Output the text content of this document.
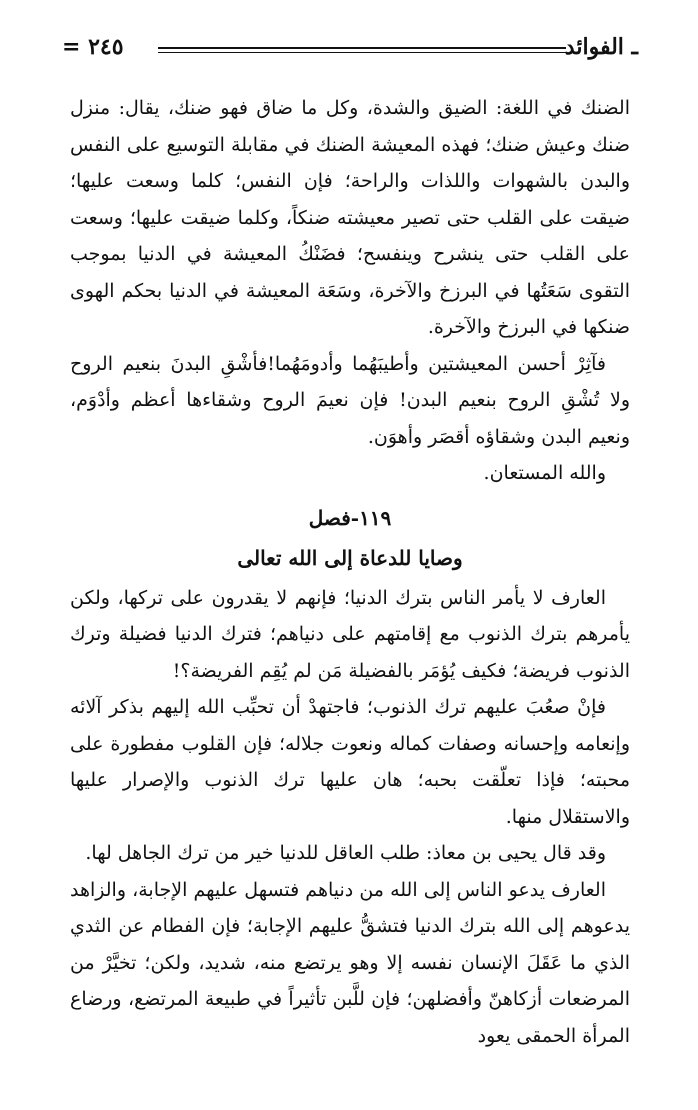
= ٢٤٥	ـ الفوائد

الضنك في اللغة: الضيق والشدة، وكل ما ضاق فهو ضنك، يقال: منزل ضنك وعيش ضنك؛ فهذه المعيشة الضنك في مقابلة التوسيع على النفس والبدن بالشهوات واللذات والراحة؛ فإن النفس؛ كلما وسعت عليها؛ ضيقت على القلب حتى تصير معيشته ضنكاً، وكلما ضيقت عليها؛ وسعت على القلب حتى ينشرح وينفسح؛ فضَنْكُ المعيشة في الدنيا بموجب التقوى سَعَتُها في البرزخ والآخرة، وسَعَة المعيشة في الدنيا بحكم الهوى ضنكها في البرزخ والآخرة.

فآثِرْ أحسن المعيشتين وأطيبَهُما وأدومَهُما!فأشْقِ البدنَ بنعيم الروح ولا تُشْقِ الروح بنعيم البدن! فإن نعيمَ الروح وشقاءها أعظم وأدْوَم، ونعيم البدن وشقاؤه أقصَر وأهوَن.

والله المستعان.

١١٩-فصل
وصايا للدعاة إلى الله تعالى

العارف لا يأمر الناس بترك الدنيا؛ فإنهم لا يقدرون على تركها، ولكن يأمرهم بترك الذنوب مع إقامتهم على دنياهم؛ فترك الدنيا فضيلة وترك الذنوب فريضة؛ فكيف يُؤمَر بالفضيلة مَن لم يُقِم الفريضة؟!

فإنْ صعُبَ عليهم ترك الذنوب؛ فاجتهدْ أن تحبِّب الله إليهم بذكر آلائه وإنعامه وإحسانه وصفات كماله ونعوت جلاله؛ فإن القلوب مفطورة على محبته؛ فإذا تعلّقت بحبه؛ هان عليها ترك الذنوب والإصرار عليها والاستقلال منها.

وقد قال يحيى بن معاذ: طلب العاقل للدنيا خير من ترك الجاهل لها.

العارف يدعو الناس إلى الله من دنياهم فتسهل عليهم الإجابة، والزاهد يدعوهم إلى الله بترك الدنيا فتشقُّ عليهم الإجابة؛ فإن الفطام عن الثدي الذي ما عَقَلَ الإنسان نفسه إلا وهو يرتضع منه، شديد، ولكن؛ تخيَّرْ من المرضعات أزكاهنّ وأفضلهن؛ فإن للَّبن تأثيراً في طبيعة المرتضع، ورضاع المرأة الحمقى يعود
